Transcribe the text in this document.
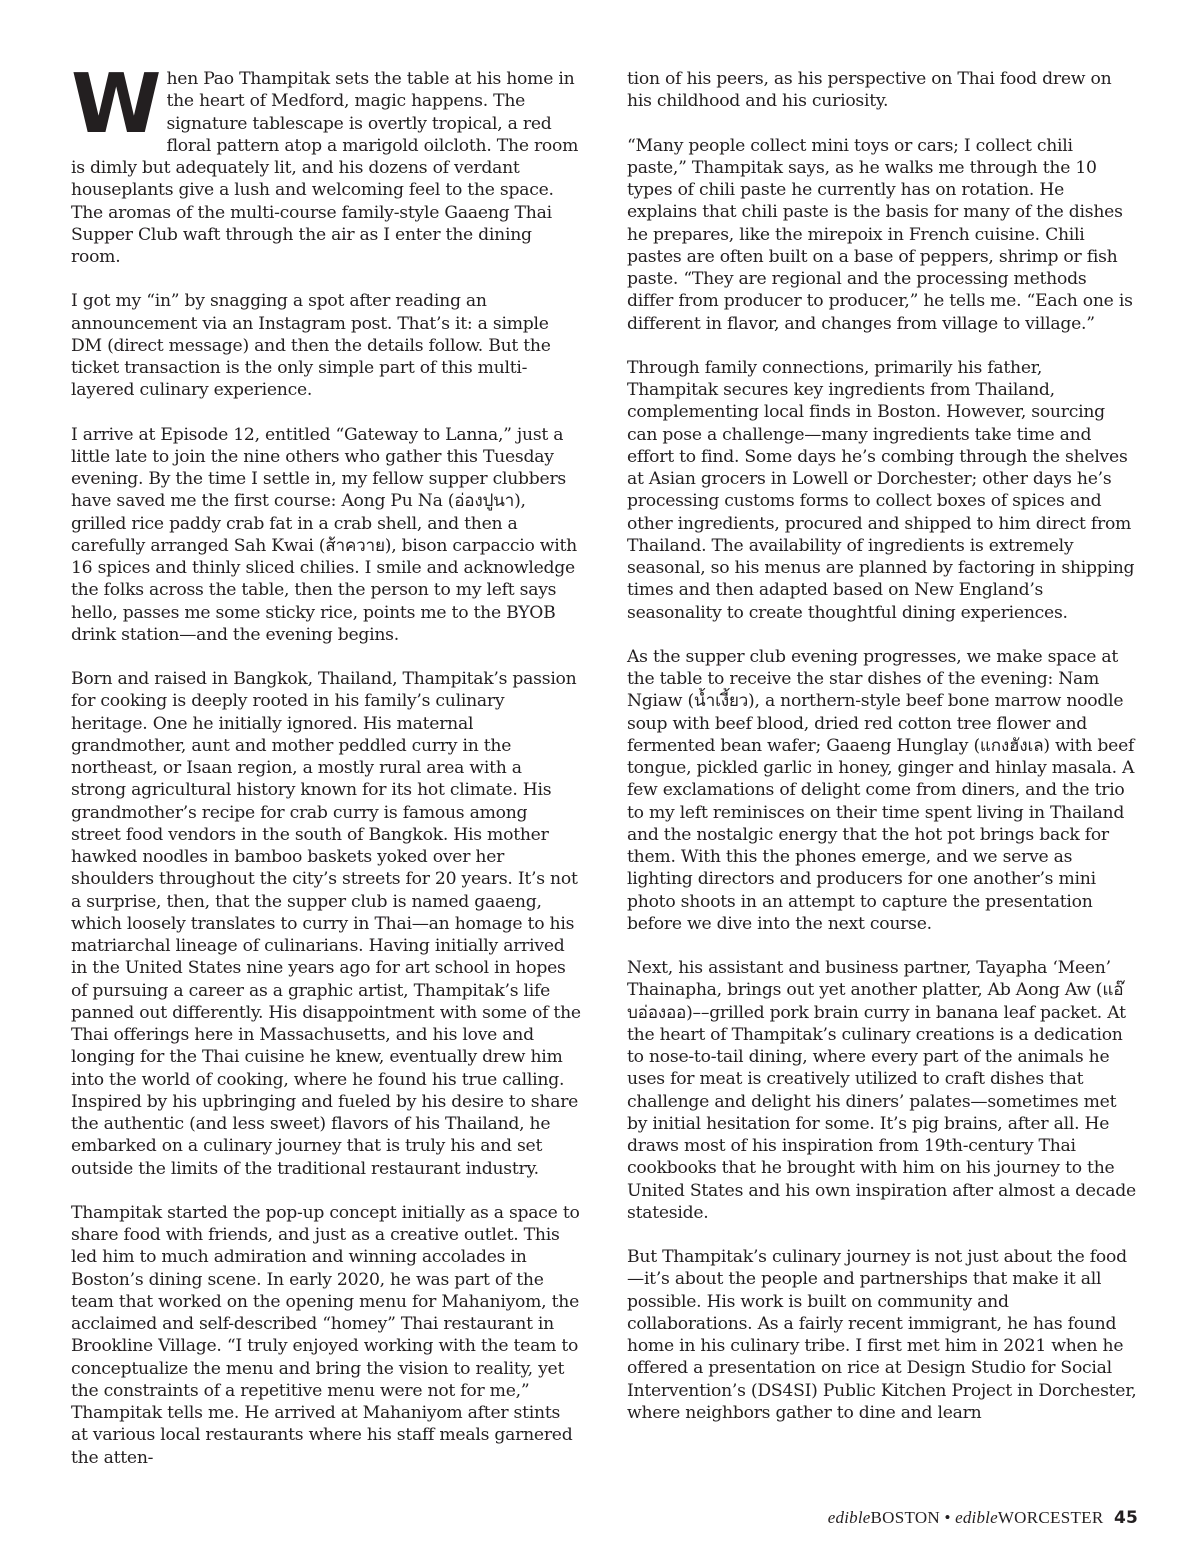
When Pao Thampitak sets the table at his home in the heart of Medford, magic happens. The signature tablescape is overtly tropical, a red floral pattern atop a marigold oilcloth. The room is dimly but adequately lit, and his dozens of verdant houseplants give a lush and welcoming feel to the space. The aromas of the multi-course family-style Gaaeng Thai Supper Club waft through the air as I enter the dining room.

I got my “in” by snagging a spot after reading an announcement via an Instagram post. That’s it: a simple DM (direct message) and then the details follow. But the ticket transaction is the only simple part of this multi-layered culinary experience.

I arrive at Episode 12, entitled “Gateway to Lanna,” just a little late to join the nine others who gather this Tuesday evening. By the time I settle in, my fellow supper clubbers have saved me the first course: Aong Pu Na (อ่องปูนา), grilled rice paddy crab fat in a crab shell, and then a carefully arranged Sah Kwai (ส้าควาย), bison carpaccio with 16 spices and thinly sliced chilies. I smile and acknowledge the folks across the table, then the person to my left says hello, passes me some sticky rice, points me to the BYOB drink station—and the evening begins.

Born and raised in Bangkok, Thailand, Thampitak’s passion for cooking is deeply rooted in his family’s culinary heritage. One he initially ignored. His maternal grandmother, aunt and mother peddled curry in the northeast, or Isaan region, a mostly rural area with a strong agricultural history known for its hot climate. His grandmother’s recipe for crab curry is famous among street food vendors in the south of Bangkok. His mother hawked noodles in bamboo baskets yoked over her shoulders throughout the city’s streets for 20 years. It’s not a surprise, then, that the supper club is named gaaeng, which loosely translates to curry in Thai—an homage to his matriarchal lineage of culinarians. Having initially arrived in the United States nine years ago for art school in hopes of pursuing a career as a graphic artist, Thampitak’s life panned out differently. His disappointment with some of the Thai offerings here in Massachusetts, and his love and longing for the Thai cuisine he knew, eventually drew him into the world of cooking, where he found his true calling. Inspired by his upbringing and fueled by his desire to share the authentic (and less sweet) flavors of his Thailand, he embarked on a culinary journey that is truly his and set outside the limits of the traditional restaurant industry.

Thampitak started the pop-up concept initially as a space to share food with friends, and just as a creative outlet. This led him to much admiration and winning accolades in Boston’s dining scene. In early 2020, he was part of the team that worked on the opening menu for Mahaniyom, the acclaimed and self-described “homey” Thai restaurant in Brookline Village. “I truly enjoyed working with the team to conceptualize the menu and bring the vision to reality, yet the constraints of a repetitive menu were not for me,” Thampitak tells me. He arrived at Mahaniyom after stints at various local restaurants where his staff meals garnered the atten-

tion of his peers, as his perspective on Thai food drew on his childhood and his curiosity.

“Many people collect mini toys or cars; I collect chili paste,” Thampitak says, as he walks me through the 10 types of chili paste he currently has on rotation. He explains that chili paste is the basis for many of the dishes he prepares, like the mirepoix in French cuisine. Chili pastes are often built on a base of peppers, shrimp or fish paste. “They are regional and the processing methods differ from producer to producer,” he tells me. “Each one is different in flavor, and changes from village to village.”

Through family connections, primarily his father, Thampitak secures key ingredients from Thailand, complementing local finds in Boston. However, sourcing can pose a challenge—many ingredients take time and effort to find. Some days he’s combing through the shelves at Asian grocers in Lowell or Dorchester; other days he’s processing customs forms to collect boxes of spices and other ingredients, procured and shipped to him direct from Thailand. The availability of ingredients is extremely seasonal, so his menus are planned by factoring in shipping times and then adapted based on New England’s seasonality to create thoughtful dining experiences.

As the supper club evening progresses, we make space at the table to receive the star dishes of the evening: Nam Ngiaw (น้ำเงี้ยว), a northern-style beef bone marrow noodle soup with beef blood, dried red cotton tree flower and fermented bean wafer; Gaaeng Hunglay (แกงฮังเล) with beef tongue, pickled garlic in honey, ginger and hinlay masala. A few exclamations of delight come from diners, and the trio to my left reminisces on their time spent living in Thailand and the nostalgic energy that the hot pot brings back for them. With this the phones emerge, and we serve as lighting directors and producers for one another’s mini photo shoots in an attempt to capture the presentation before we dive into the next course.

Next, his assistant and business partner, Tayapha ‘Meen’ Thainapha, brings out yet another platter, Ab Aong Aw (แอ๊บอ่องออ)––grilled pork brain curry in banana leaf packet. At the heart of Thampitak’s culinary creations is a dedication to nose-to-tail dining, where every part of the animals he uses for meat is creatively utilized to craft dishes that challenge and delight his diners’ palates—sometimes met by initial hesitation for some. It’s pig brains, after all. He draws most of his inspiration from 19th-century Thai cookbooks that he brought with him on his journey to the United States and his own inspiration after almost a decade stateside.

But Thampitak’s culinary journey is not just about the food—it’s about the people and partnerships that make it all possible. His work is built on community and collaborations. As a fairly recent immigrant, he has found home in his culinary tribe. I first met him in 2021 when he offered a presentation on rice at Design Studio for Social Intervention’s (DS4SI) Public Kitchen Project in Dorchester, where neighbors gather to dine and learn

edibleBOSTON • edibleWORCESTER 45
